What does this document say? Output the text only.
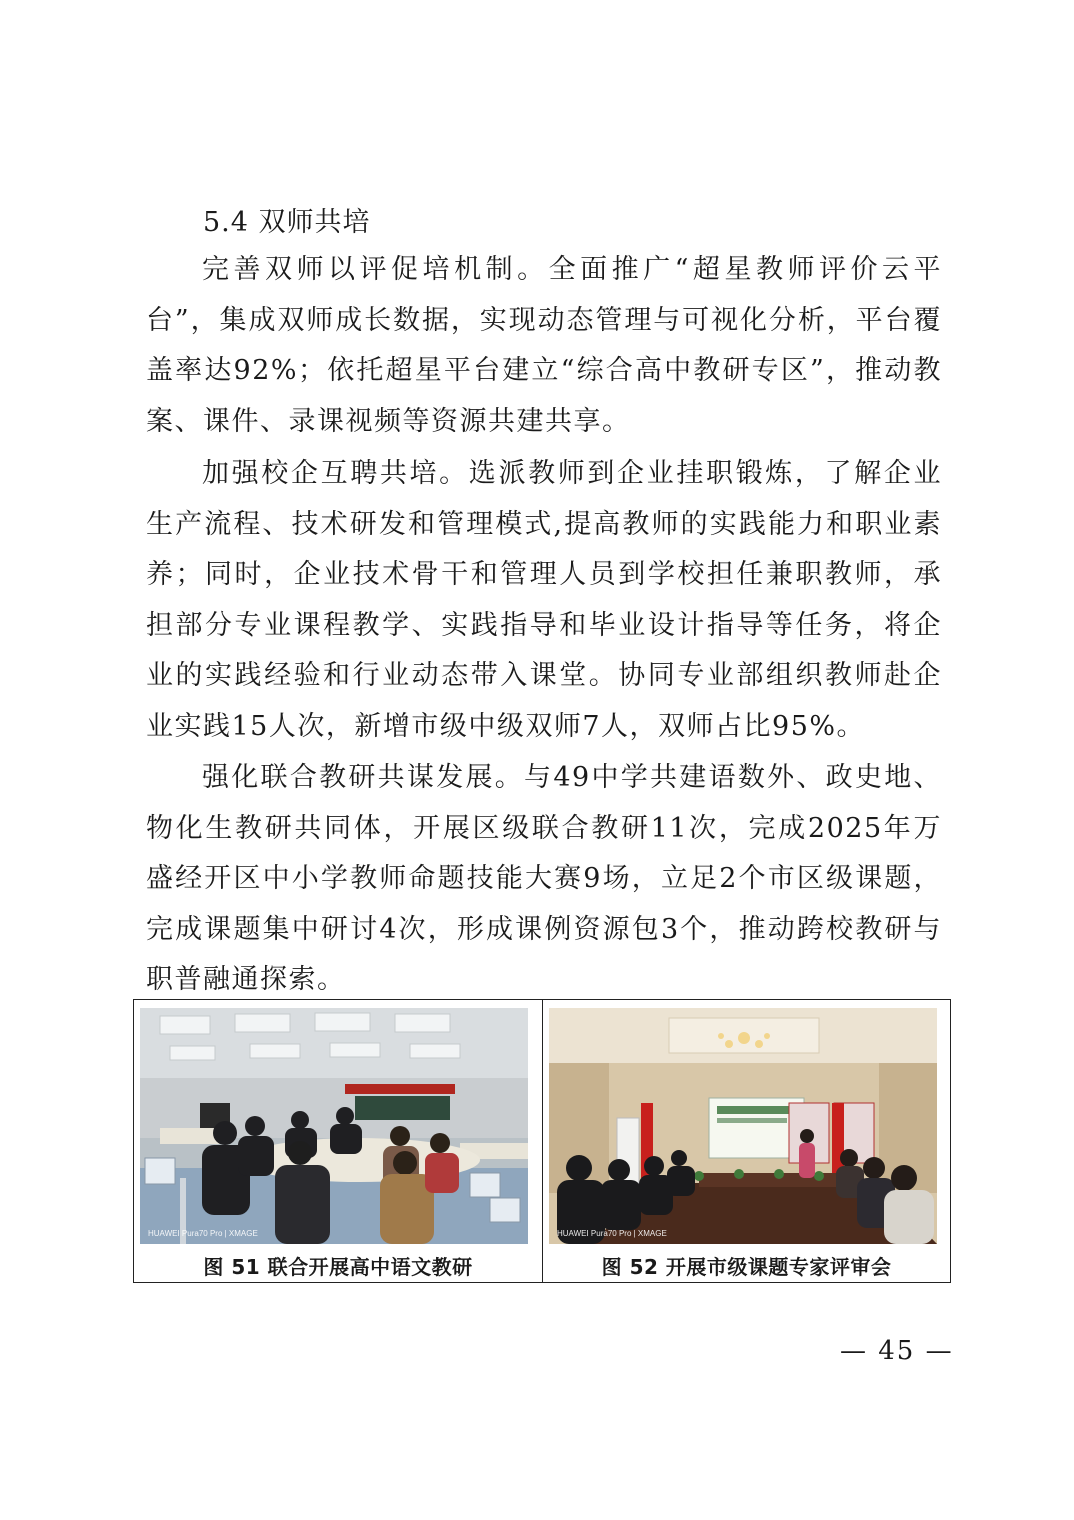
5.4 双师共培

完善双师以评促培机制。全面推广“超星教师评价云平台”，集成双师成长数据，实现动态管理与可视化分析，平台覆盖率达92%；依托超星平台建立“综合高中教研专区”，推动教案、课件、录课视频等资源共建共享。

加强校企互聘共培。选派教师到企业挂职锻炼，了解企业生产流程、技术研发和管理模式,提高教师的实践能力和职业素养；同时，企业技术骨干和管理人员到学校担任兼职教师，承担部分专业课程教学、实践指导和毕业设计指导等任务，将企业的实践经验和行业动态带入课堂。协同专业部组织教师赴企业实践15人次，新增市级中级双师7人，双师占比95%。

强化联合教研共谋发展。与49中学共建语数外、政史地、物化生教研共同体，开展区级联合教研11次，完成2025年万盛经开区中小学教师命题技能大赛9场，立足2个市区级课题，完成课题集中研讨4次，形成课例资源包3个，推动跨校教研与职普融通探索。

HUAWEI Pura70 Pro | XMAGE
图 51 联合开展高中语文教研
HUAWEI Pura70 Pro | XMAGE
图 52 开展市级课题专家评审会
— 45 —
